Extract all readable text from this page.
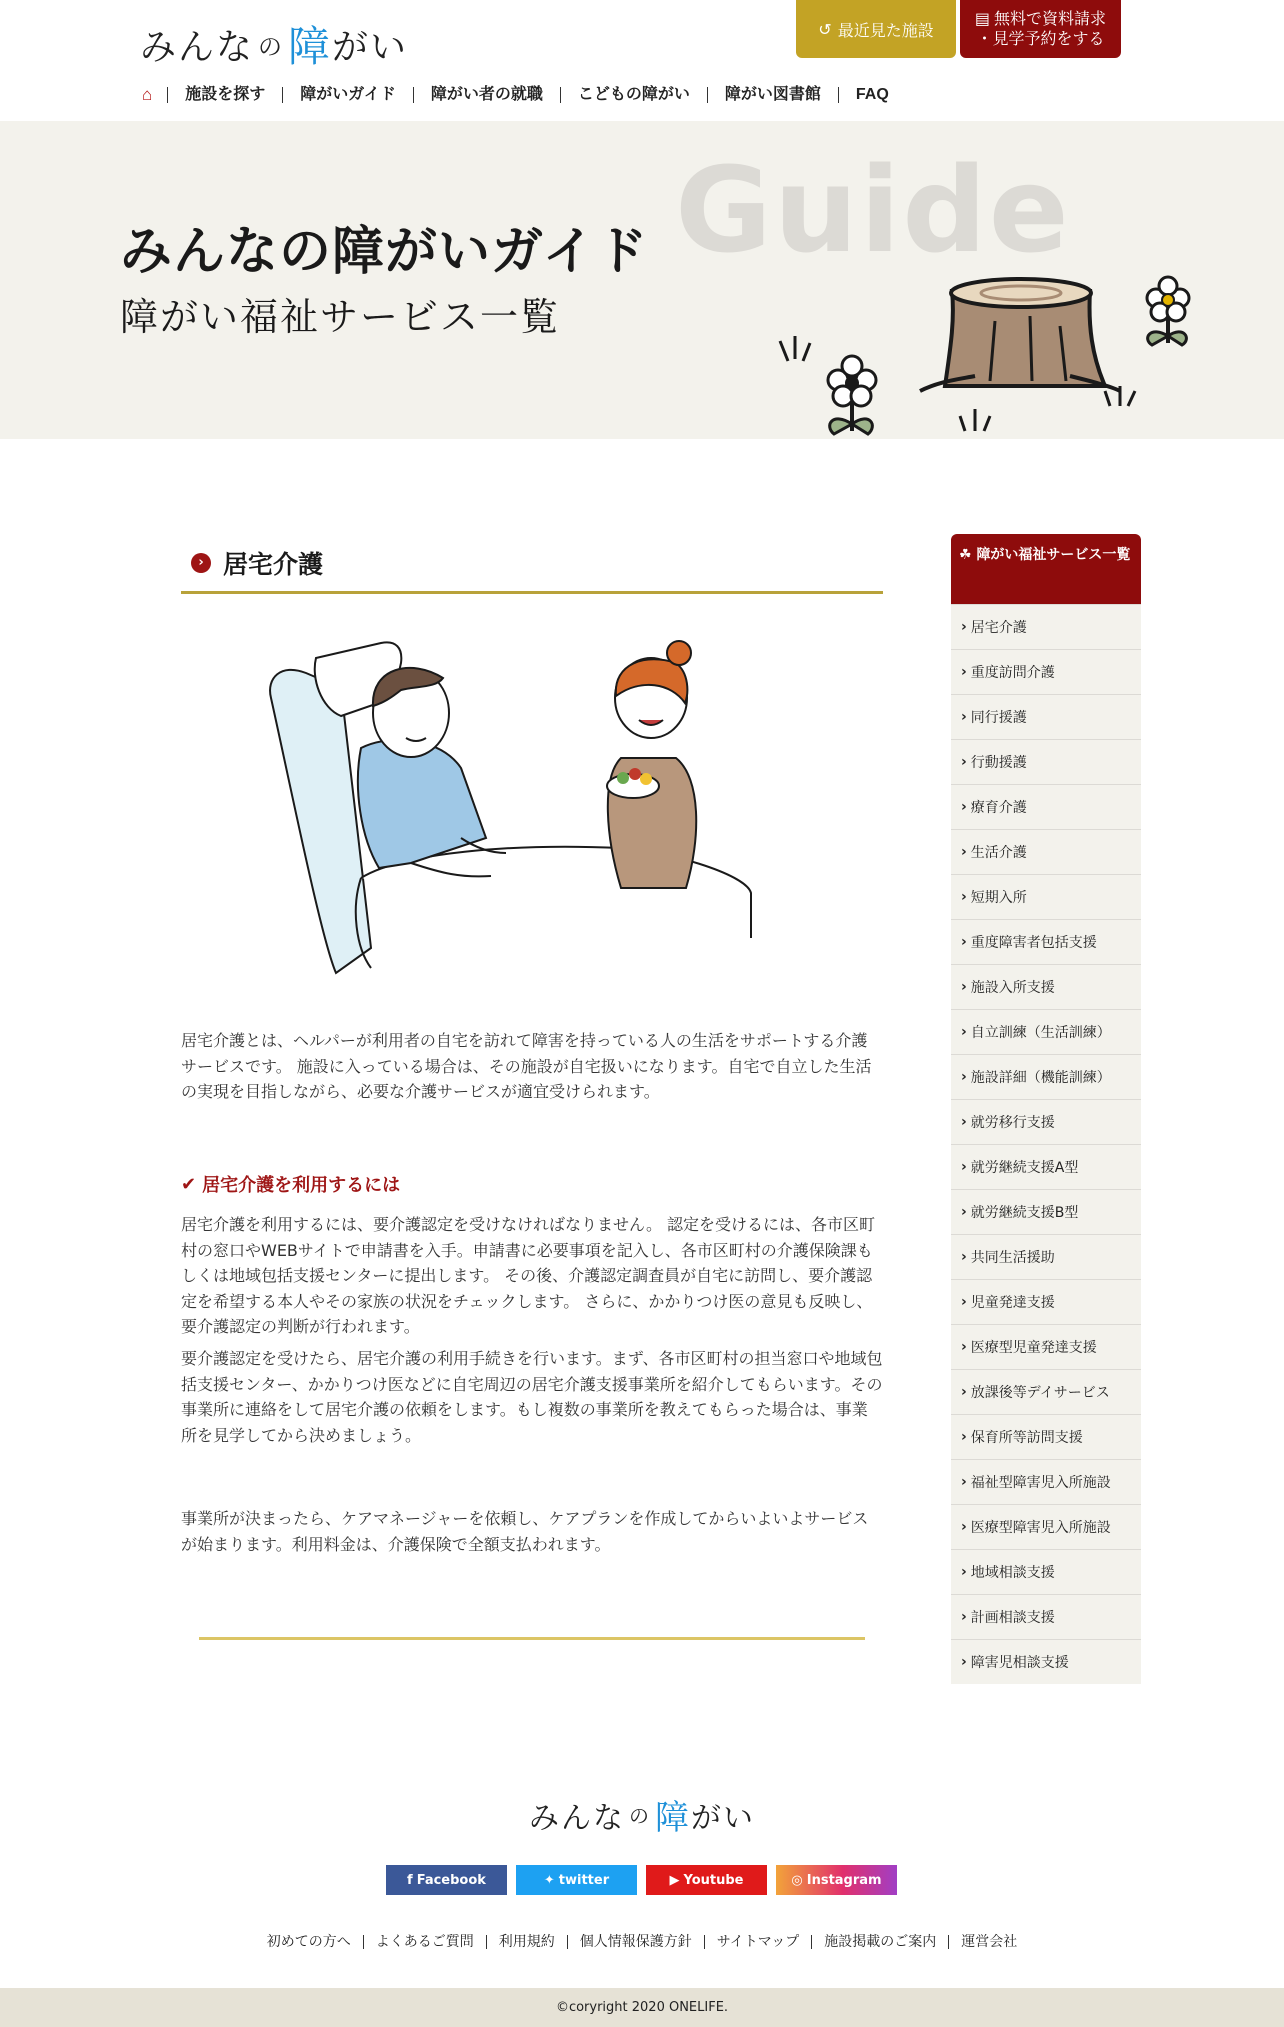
みんな の 障 がい	↺ 最近見た施設
▤ 無料で資料請求
・見学予約をする
⌂	施設を探す	障がいガイド	障がい者の就職	こどもの障がい	障がい図書館	FAQ
Guide
みんなの障がいガイド
障がい福祉サービス一覧
› 居宅介護

居宅介護とは、ヘルパーが利用者の自宅を訪れて障害を持っている人の生活をサポートする介護サービスです。 施設に入っている場合は、その施設が自宅扱いになります。自宅で自立した生活の実現を目指しながら、必要な介護サービスが適宜受けられます。

✔ 居宅介護を利用するには

居宅介護を利用するには、要介護認定を受けなければなりません。 認定を受けるには、各市区町村の窓口やWEBサイトで申請書を入手。申請書に必要事項を記入し、各市区町村の介護保険課もしくは地域包括支援センターに提出します。 その後、介護認定調査員が自宅に訪問し、要介護認定を希望する本人やその家族の状況をチェックします。 さらに、かかりつけ医の意見も反映し、要介護認定の判断が行われます。

要介護認定を受けたら、居宅介護の利用手続きを行います。まず、各市区町村の担当窓口や地域包括支援センター、かかりつけ医などに自宅周辺の居宅介護支援事業所を紹介してもらいます。その事業所に連絡をして居宅介護の依頼をします。もし複数の事業所を教えてもらった場合は、事業所を見学してから決めましょう。

事業所が決まったら、ケアマネージャーを依頼し、ケアプランを作成してからいよいよサービスが始まります。利用料金は、介護保険で全額支払われます。

☘ 障がい福祉サービス一覧
› 居宅介護
› 重度訪問介護
› 同行援護
› 行動援護
› 療育介護
› 生活介護
› 短期入所
› 重度障害者包括支援
› 施設入所支援
› 自立訓練（生活訓練）
› 施設詳細（機能訓練）
› 就労移行支援
› 就労継続支援A型
› 就労継続支援B型
› 共同生活援助
› 児童発達支援
› 医療型児童発達支援
› 放課後等デイサービス
› 保育所等訪問支援
› 福祉型障害児入所施設
› 医療型障害児入所施設
› 地域相談支援
› 計画相談支援
› 障害児相談支援
みんな の 障 がい
f Facebook	✦ twitter	▶ Youtube	◎ Instagram
初めての方へ	よくあるご質問	利用規約	個人情報保護方針	サイトマップ	施設掲載のご案内	運営会社
©coryright 2020 ONELIFE.
